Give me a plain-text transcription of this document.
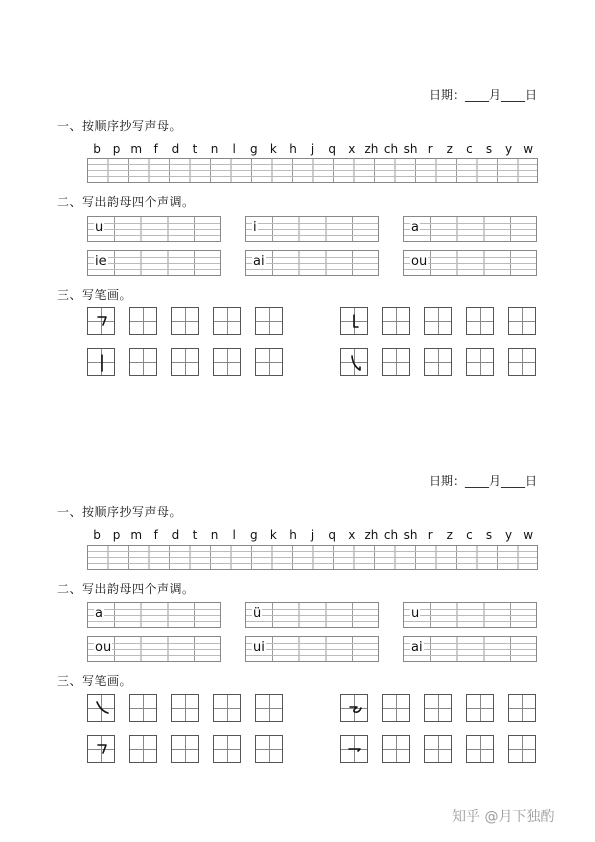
日期：____月____日
一、按顺序抄写声母。
b p m f d t n l g k h j q x zh ch sh r z c s y w
二、写出韵母四个声调。
u	i	a
ie	ai	ou
三、写笔画。
日期：____月____日
一、按顺序抄写声母。
b p m f d t n l g k h j q x zh ch sh r z c s y w
二、写出韵母四个声调。
a	ü	u
ou	ui	ai
三、写笔画。
知乎 @月下独酌
